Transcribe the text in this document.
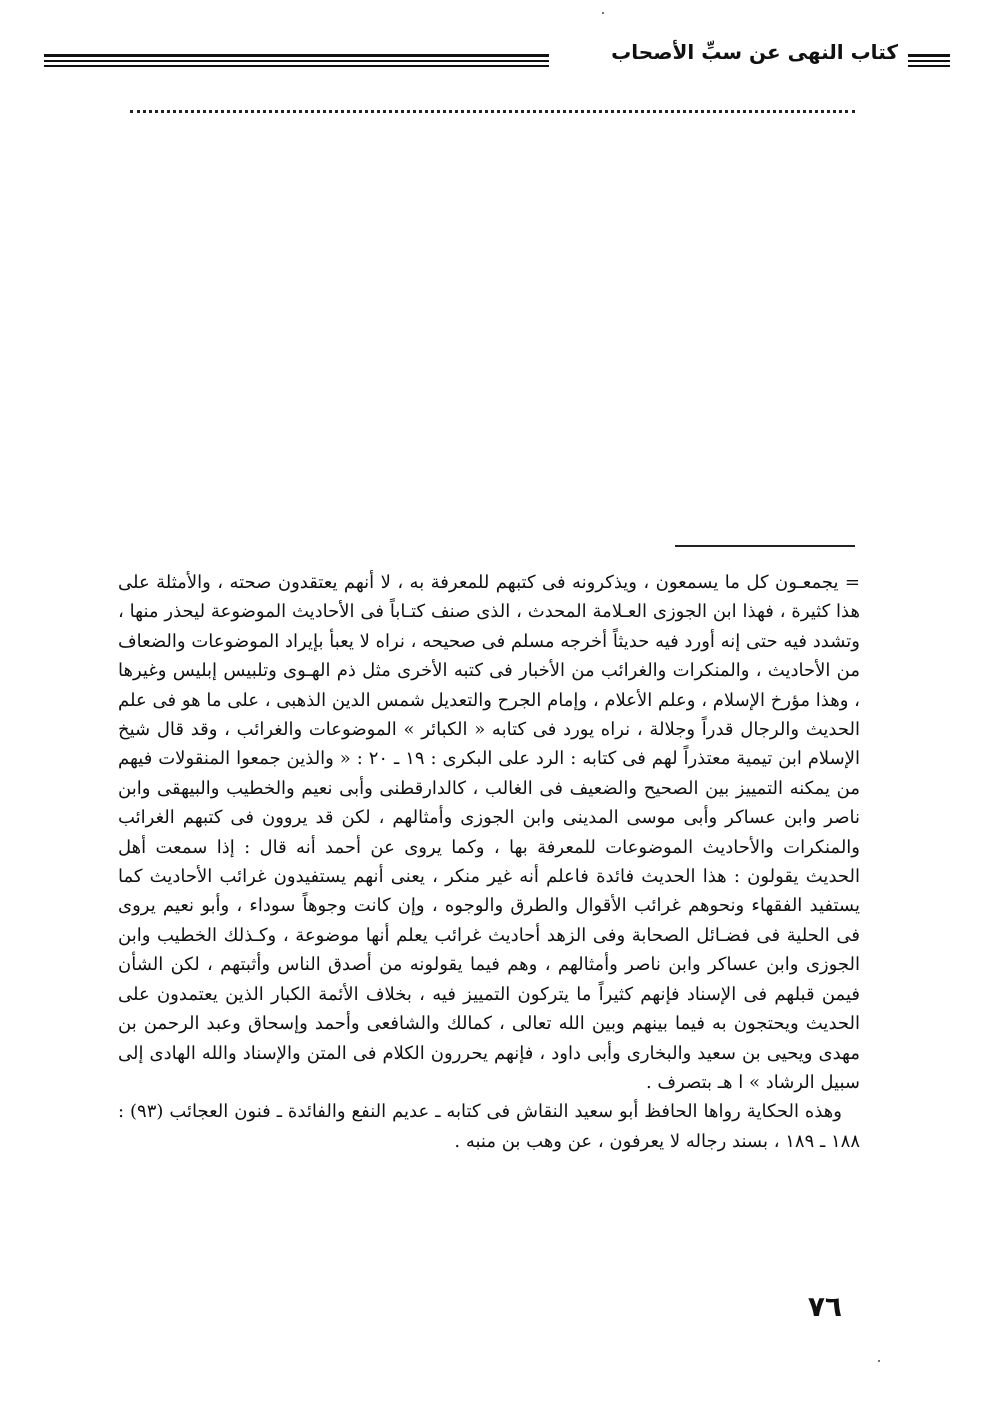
كتاب النهى عن سبِّ الأصحاب

= يجمعـون كل ما يسمعون ، ويذكرونه فى كتبهم للمعرفة به ، لا أنهم يعتقدون صحته ، والأمثلة على هذا كثيرة ، فهذا ابن الجوزى العـلامة المحدث ، الذى صنف كتـاباً فى الأحاديث الموضوعة ليحذر منها ، وتشدد فيه حتى إنه أورد فيه حديثاً أخرجه مسلم فى صحيحه ، نراه لا يعبأ بإيراد الموضوعات والضعاف من الأحاديث ، والمنكرات والغرائب من الأخبار فى كتبه الأخرى مثل ذم الهـوى وتلبيس إبليس وغيرها ، وهذا مؤرخ الإسلام ، وعلم الأعلام ، وإمام الجرح والتعديل شمس الدين الذهبى ، على ما هو فى علم الحديث والرجال قدراً وجلالة ، نراه يورد فى كتابه « الكبائر » الموضوعات والغرائب ، وقد قال شيخ الإسلام ابن تيمية معتذراً لهم فى كتابه : الرد على البكرى : ١٩ ـ ٢٠ : « والذين جمعوا المنقولات فيهم من يمكنه التمييز بين الصحيح والضعيف فى الغالب ، كالدارقطنى وأبى نعيم والخطيب والبيهقى وابن ناصر وابن عساكر وأبى موسى المدينى وابن الجوزى وأمثالهم ، لكن قد يروون فى كتبهم الغرائب والمنكرات والأحاديث الموضوعات للمعرفة بها ، وكما يروى عن أحمد أنه قال : إذا سمعت أهل الحديث يقولون : هذا الحديث فائدة فاعلم أنه غير منكر ، يعنى أنهم يستفيدون غرائب الأحاديث كما يستفيد الفقهاء ونحوهم غرائب الأقوال والطرق والوجوه ، وإن كانت وجوهاً سوداء ، وأبو نعيم يروى فى الحلية فى فضـائل الصحابة وفى الزهد أحاديث غرائب يعلم أنها موضوعة ، وكـذلك الخطيب وابن الجوزى وابن عساكر وابن ناصر وأمثالهم ، وهم فيما يقولونه من أصدق الناس وأثبتهم ، لكن الشأن فيمن قبلهم فى الإسناد فإنهم كثيراً ما يتركون التمييز فيه ، بخلاف الأئمة الكبار الذين يعتمدون على الحديث ويحتجون به فيما بينهم وبين الله تعالى ، كمالك والشافعى وأحمد وإسحاق وعبد الرحمن بن مهدى ويحيى بن سعيد والبخارى وأبى داود ، فإنهم يحررون الكلام فى المتن والإسناد والله الهادى إلى سبيل الرشاد » ا هـ بتصرف .

وهذه الحكاية رواها الحافظ أبو سعيد النقاش فى كتابه ـ عديم النفع والفائدة ـ فنون العجائب (٩٣) : ١٨٨ ـ ١٨٩ ، بسند رجاله لا يعرفون ، عن وهب بن منبه .

٧٦
